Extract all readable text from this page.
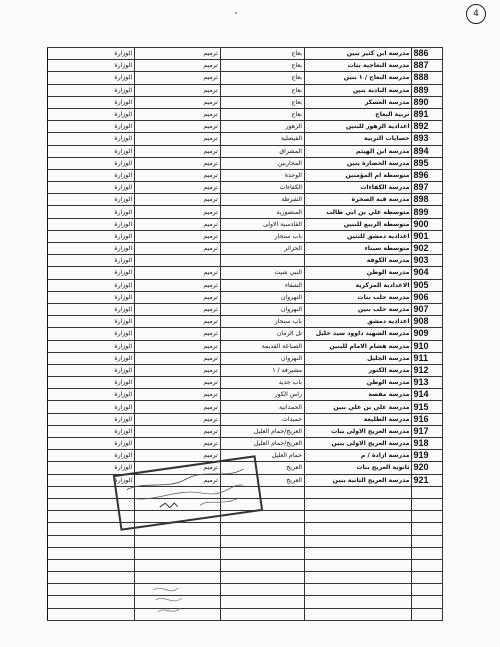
4
الوزارة	ترميم	بعاج	مدرسة ابن كثير بنين	886
الوزارة	ترميم	بعاج	مدرسة البعاجية بنات	887
الوزارة	ترميم	بعاج	مدرسة البعاج / ١ بنين	888
الوزارة	ترميم	بعاج	مدرسة البادية بنين	889
الوزارة	ترميم	بعاج	مدرسة العسكر	890
الوزارة	ترميم	بعاج	تربية البعاج	891
الوزارة	ترميم	الزهور	اعدادية الزهور للبنين	892
الوزارة	ترميم	الفيصلية	حسابات التربية	893
الوزارة	ترميم	المشراق	مدرسة ابن الهيثم	894
الوزارة	ترميم	المحاربين	مدرسة الحضارة بنين	895
الوزارة	ترميم	الوحدة	متوسطة ام المؤمنين	896
الوزارة	ترميم	الكفاءات	مدرسة الكفاءات	897
الوزارة	ترميم	الشرطة	مدرسة قبة الصخرة	898
الوزارة	ترميم	المنصورية	متوسطة علي بن ابي طالب	899
الوزارة	ترميم	القادسية الاولى	متوسطة الربيع للبنين	900
الوزارة	ترميم	باب سنجار	اعدادية دمشق للبنين	901
الوزارة	ترميم	الجزائر	متوسطة سيناء	902
الوزارة			مدرسة الكوفة	903
الوزارة	ترميم	النبي شيت	مدرسة الوطن	904
الوزارة	ترميم	الشفاء	الاعدادية المركزية	905
الوزارة	ترميم	النهروان	مدرسة حلب بنات	906
الوزارة	ترميم	النهروان	مدرسة حلب بنين	907
الوزارة	ترميم	باب سنجار	اعدادية دمشق	908
الوزارة	ترميم	تل الرمان	مدرسة الشهيد داوود سيد خليل	909
الوزارة	ترميم	الصناعة القديمة	مدرسة هشام الامام للبنين	910
الوزارة	ترميم	النهروان	مدرسة الجليل	911
الوزارة	ترميم	مشيرفة / ١	مدرسة الكتور	912
الوزارة	ترميم	باب جديد	مدرسة الوطن	913
الوزارة	ترميم	راس الكور	مدرسة مفصة	914
الوزارة	ترميم	الحمدانية	مدرسة علي بن علي بنين	915
الوزارة	ترميم	حميدات	مدرسة الطليعة	916
الوزارة	ترميم	العريج/حمام العليل	مدرسة العريج الاولى بنات	917
الوزارة	ترميم	العريج/حمام العليل	مدرسة العريج الاولى بنين	918
الوزارة	ترميم	حمام العليل	مدرسة ازادة / م	919
الوزارة	ترميم	العريج	ثانوية العريج بنات	920
الوزارة	ترميم	العريج	مدرسة العريج الثانية بنين	921
